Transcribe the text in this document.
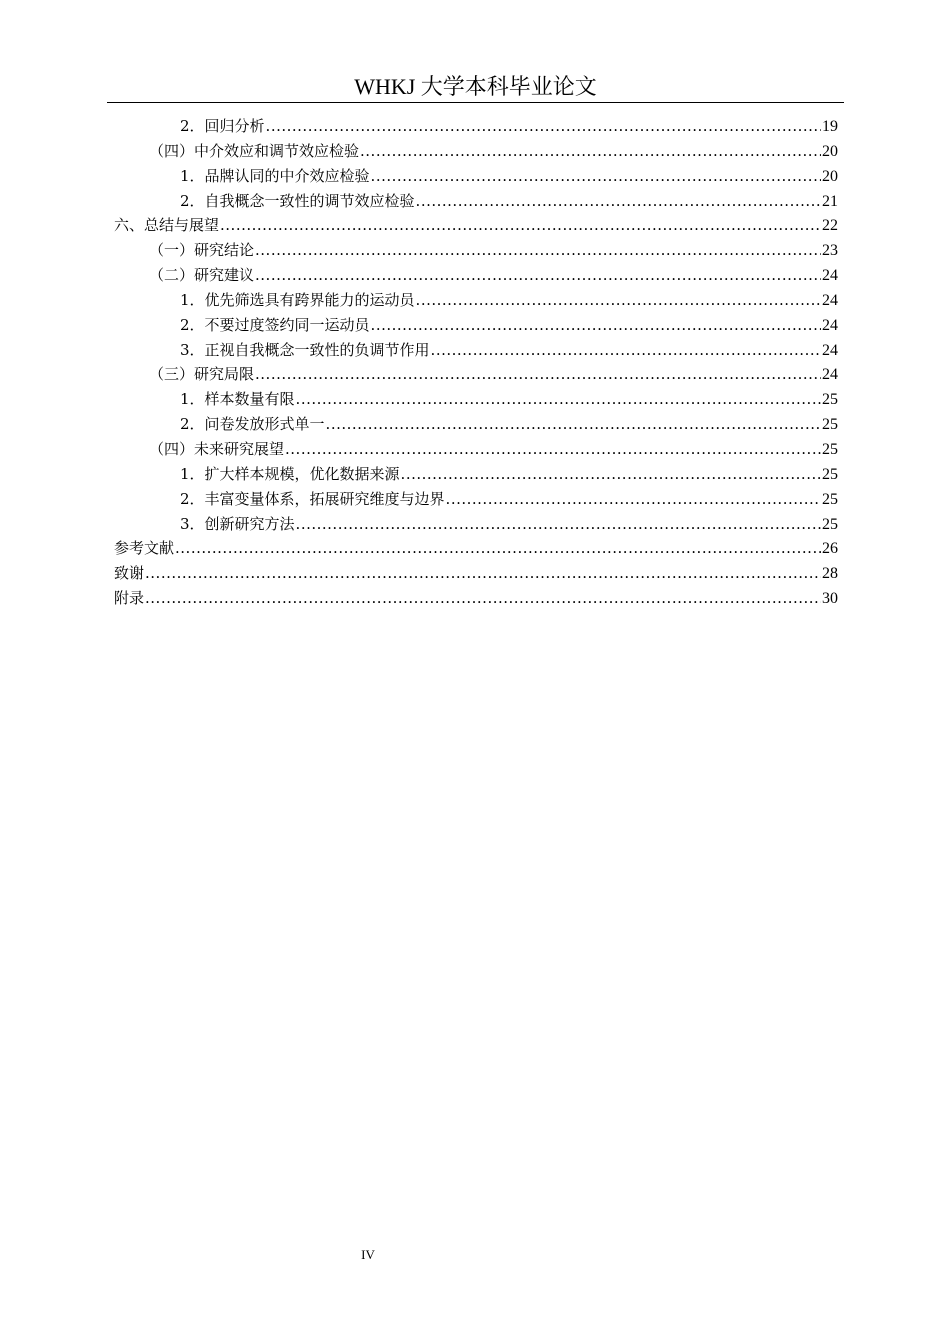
WHKJ 大学本科毕业论文
2．回归分析 .....	19
（四）中介效应和调节效应检验 .....	20
1．品牌认同的中介效应检验 .....	20
2．自我概念一致性的调节效应检验 .....	21
六、总结与展望 .....	22
（一）研究结论 .....	23
（二）研究建议 .....	24
1．优先筛选具有跨界能力的运动员 .....	24
2．不要过度签约同一运动员 .....	24
3．正视自我概念一致性的负调节作用 .....	24
（三）研究局限 .....	24
1．样本数量有限 .....	25
2．问卷发放形式单一 .....	25
（四）未来研究展望 .....	25
1．扩大样本规模，优化数据来源 .....	25
2．丰富变量体系，拓展研究维度与边界 .....	25
3．创新研究方法 .....	25
参考文献 .....	26
致谢 .....	28
附录 .....	30
IV
